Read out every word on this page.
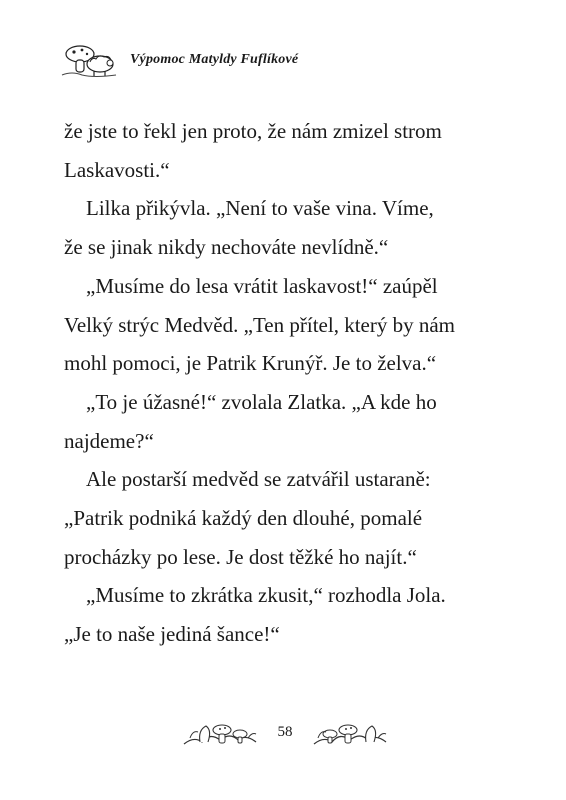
Výpomoc Matyldy Fuflíkové

že jste to řekl jen proto, že nám zmizel strom

Laskavosti.“

Lilka přikývla. „Není to vaše vina. Víme,

že se jinak nikdy nechováte nevlídně.“

„Musíme do lesa vrátit laskavost!“ zaúpěl

Velký strýc Medvěd. „Ten přítel, který by nám

mohl pomoci, je Patrik Krunýř. Je to želva.“

„To je úžasné!“ zvolala Zlatka. „A kde ho

najdeme?“

Ale postarší medvěd se zatvářil ustaraně:

„Patrik podniká každý den dlouhé, pomalé

procházky po lese. Je dost těžké ho najít.“

„Musíme to zkrátka zkusit,“ rozhodla Jola.

„Je to naše jediná šance!“

58
